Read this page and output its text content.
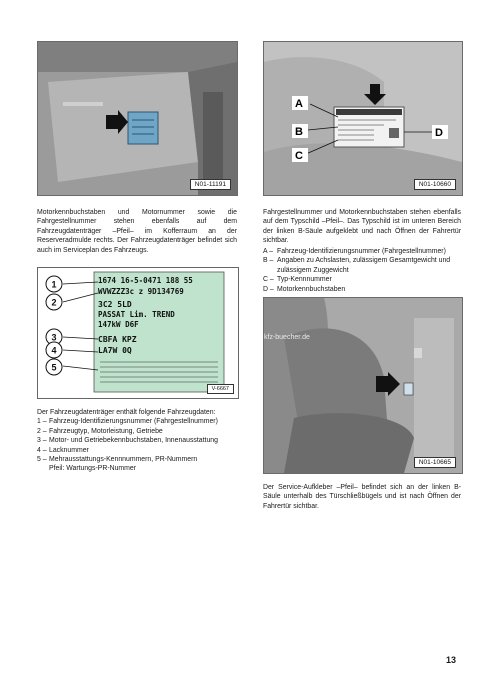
N01-11191
A
B
C
D
N01-10660

Motorkennbuchstaben und Motornummer sowie die Fahrgestellnummer stehen ebenfalls auf dem Fahrzeugdatenträger –Pfeil– im Kofferraum an der Reserveradmulde rechts. Der Fahrzeugdatenträger befindet sich auch im Serviceplan des Fahrzeugs.

Fahrgestellnummer und Motorkennbuchstaben stehen ebenfalls auf dem Typschild –Pfeil–. Das Typschild ist im unteren Bereich der linken B-Säule aufgeklebt und nach Öffnen der Fahrertür sichtbar.

A – Fahrzeug-Identifizierungsnummer (Fahrgestellnummer)
B – Angaben zu Achslasten, zulässigem Gesamtgewicht und zulässigem Zuggewicht
C – Typ-Kennnummer
D – Motorkennbuchstaben
1674 16-5-0471 188 55
WVWZZZ3c z 9D134769
3C2 5LD
PASSAT Lim. TREND
147kW D6F
CBFA KPZ
LA7W 0Q
1
2
3
4
5
V-6667
kfz-buecher.de
N01-10665
Der Fahrzeugdatenträger enthält folgende Fahrzeugdaten:
1 – Fahrzeug-Identifizierungsnummer (Fahrgestellnummer)
2 – Fahrzeugtyp, Motorleistung, Getriebe
3 – Motor- und Getriebekennbuchstaben, Innenausstattung
4 – Lacknummer
5 – Mehrausstattungs-Kennnummern, PR-Nummern
Pfeil: Wartungs-PR-Nummer

Der Service-Aufkleber –Pfeil– befindet sich an der linken B-Säule unterhalb des Türschließbügels und ist nach Öffnen der Fahrertür sichtbar.

13
